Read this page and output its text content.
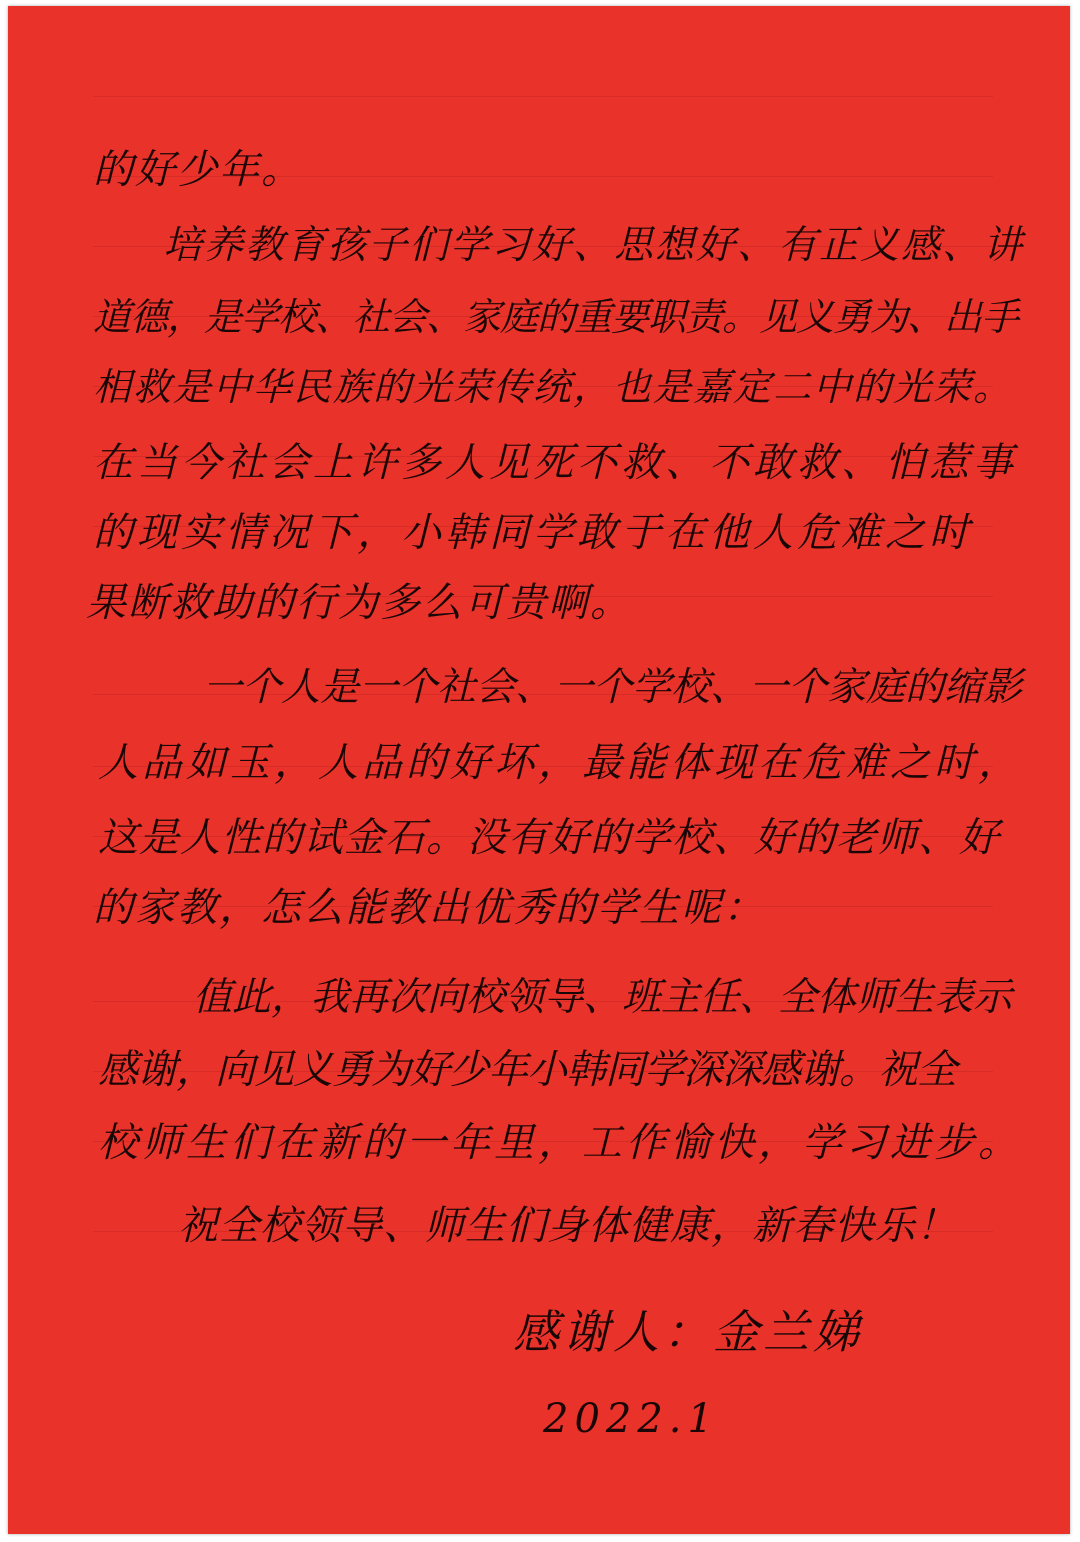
的好少年。
培养教育孩子们学习好、思想好、有正义感、讲
道德，是学校、社会、家庭的重要职责。见义勇为、出手
相救是中华民族的光荣传统，也是嘉定二中的光荣。
在当今社会上许多人见死不救、不敢救、怕惹事
的现实情况下，小韩同学敢于在他人危难之时
果断救助的行为多么可贵啊。
一个人是一个社会、一个学校、一个家庭的缩影
人品如玉，人品的好坏，最能体现在危难之时，
这是人性的试金石。没有好的学校、好的老师、好
的家教，怎么能教出优秀的学生呢：
值此，我再次向校领导、班主任、全体师生表示
感谢，向见义勇为好少年小韩同学深深感谢。祝全
校师生们在新的一年里，工作愉快，学习进步。
祝全校领导、师生们身体健康，新春快乐！
感谢人：金兰娣
2022.1
